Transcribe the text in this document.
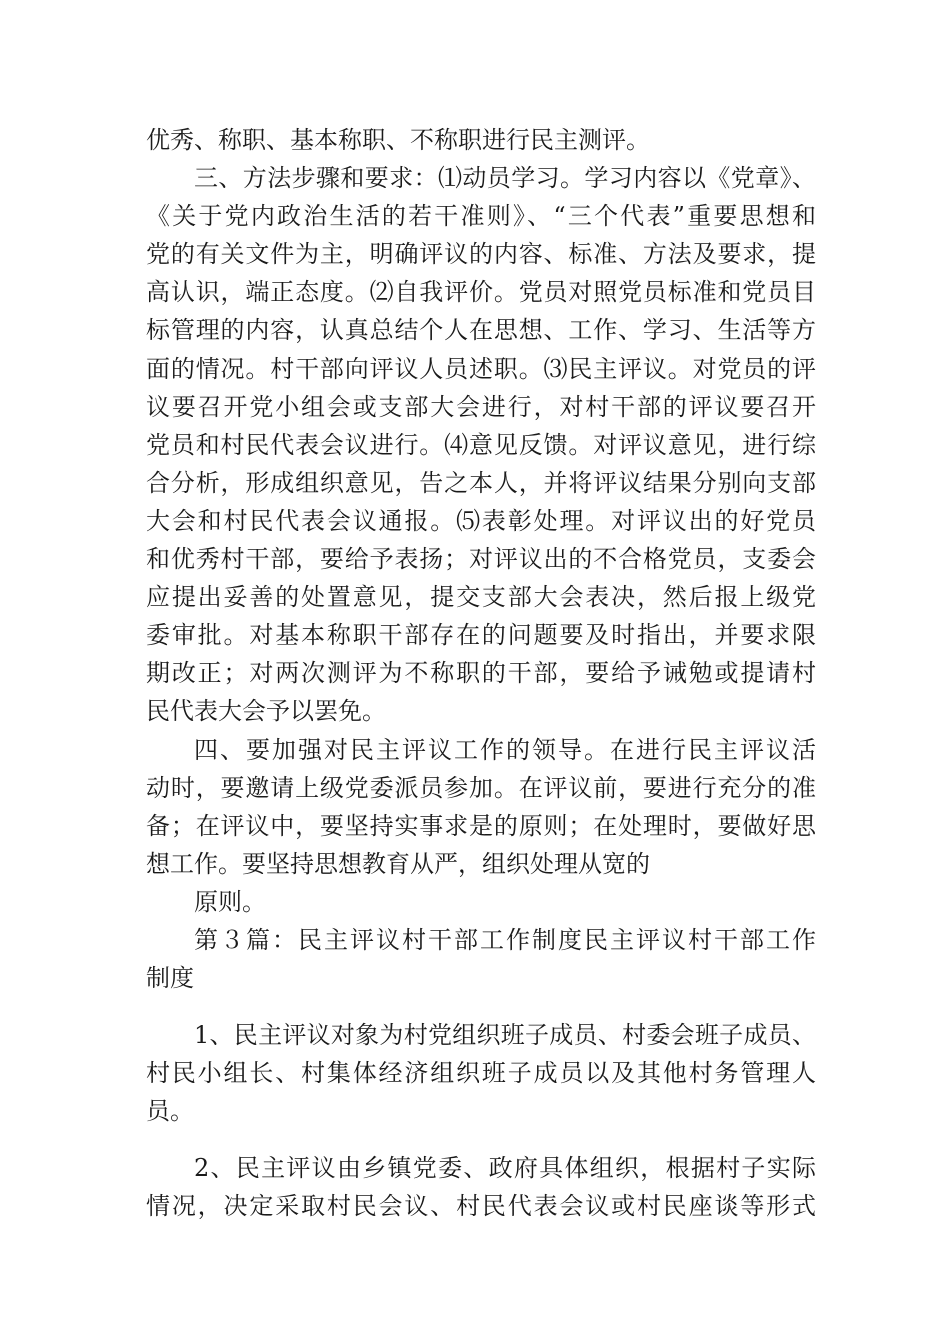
优秀、称职、基本称职、不称职进行民主测评。
三、方法步骤和要求：⑴动员学习。学习内容以《党章》、
《关于党内政治生活的若干准则》、“三个代表”重要思想和
党的有关文件为主，明确评议的内容、标准、方法及要求，提
高认识，端正态度。⑵自我评价。党员对照党员标准和党员目
标管理的内容，认真总结个人在思想、工作、学习、生活等方
面的情况。村干部向评议人员述职。⑶民主评议。对党员的评
议要召开党小组会或支部大会进行，对村干部的评议要召开
党员和村民代表会议进行。⑷意见反馈。对评议意见，进行综
合分析，形成组织意见，告之本人，并将评议结果分别向支部
大会和村民代表会议通报。⑸表彰处理。对评议出的好党员
和优秀村干部，要给予表扬；对评议出的不合格党员，支委会
应提出妥善的处置意见，提交支部大会表决，然后报上级党
委审批。对基本称职干部存在的问题要及时指出，并要求限
期改正；对两次测评为不称职的干部，要给予诫勉或提请村
民代表大会予以罢免。
四、要加强对民主评议工作的领导。在进行民主评议活
动时，要邀请上级党委派员参加。在评议前，要进行充分的准
备；在评议中，要坚持实事求是的原则；在处理时，要做好思
想工作。要坚持思想教育从严，组织处理从宽的
原则。
第３篇：民主评议村干部工作制度民主评议村干部工作
制度
1、民主评议对象为村党组织班子成员、村委会班子成员、
村民小组长、村集体经济组织班子成员以及其他村务管理人
员。
2、民主评议由乡镇党委、政府具体组织，根据村子实际
情况，决定采取村民会议、村民代表会议或村民座谈等形式
